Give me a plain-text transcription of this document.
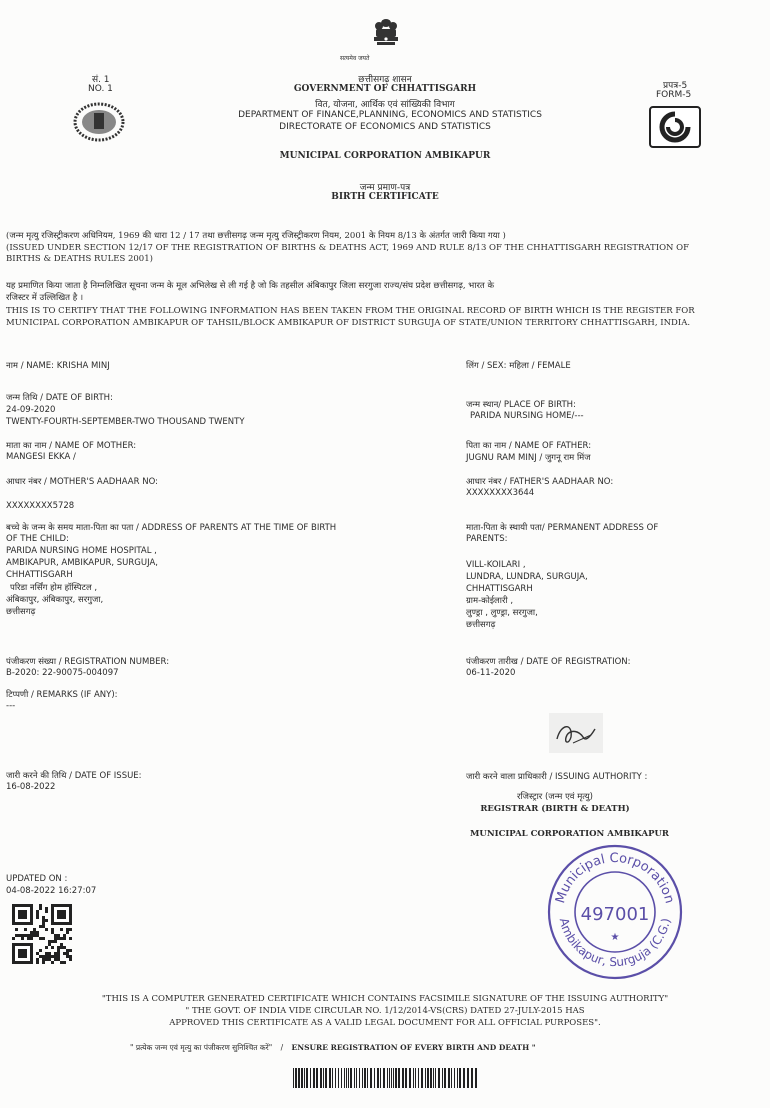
सत्यमेव जयते
सं. 1
NO. 1	प्रपत्र-5
FORM-5
छत्तीसगढ़ शासन
GOVERNMENT OF CHHATTISGARH
वित, योजना, आर्थिक एवं सांख्यिकी विभाग
DEPARTMENT OF FINANCE,PLANNING, ECONOMICS AND STATISTICS
DIRECTORATE OF ECONOMICS AND STATISTICS
MUNICIPAL CORPORATION AMBIKAPUR
जन्म प्रमाण-पत्र
BIRTH CERTIFICATE
(जन्म मृत्यु रजिस्ट्रीकरण अधिनियम, 1969 की धारा 12 / 17 तथा छत्तीसगढ़ जन्म मृत्यु रजिस्ट्रीकरण नियम, 2001 के नियम 8/13 के अंतर्गत जारी किया गया )
(ISSUED UNDER SECTION 12/17 OF THE REGISTRATION OF BIRTHS & DEATHS ACT, 1969 AND RULE 8/13 OF THE CHHATTISGARH REGISTRATION OF
BIRTHS & DEATHS RULES 2001)
यह प्रमाणित किया जाता है निम्नलिखित सूचना जन्म के मूल अभिलेख से ली गई है जो कि तहसील अंबिकापुर जिला सरगुजा राज्य/संघ प्रदेश छत्तीसगढ़, भारत के
रजिस्टर में उल्लिखित है ।
THIS IS TO CERTIFY THAT THE FOLLOWING INFORMATION HAS BEEN TAKEN FROM THE ORIGINAL RECORD OF BIRTH WHICH IS THE REGISTER FOR
MUNICIPAL CORPORATION AMBIKAPUR OF TAHSIL/BLOCK AMBIKAPUR OF DISTRICT SURGUJA OF STATE/UNION TERRITORY CHHATTISGARH, INDIA.
नाम / NAME: KRISHA MINJ	लिंग / SEX: महिला / FEMALE
जन्म तिथि / DATE OF BIRTH:
24-09-2020
TWENTY-FOURTH-SEPTEMBER-TWO THOUSAND TWENTY
जन्म स्थान/ PLACE OF BIRTH:
PARIDA NURSING HOME/---
माता का नाम / NAME OF MOTHER:
MANGESI EKKA /
पिता का नाम / NAME OF FATHER:
JUGNU RAM MINJ / जुगनू राम मिंज
आधार नंबर / MOTHER'S AADHAAR NO:
XXXXXXXX5728
आधार नंबर / FATHER'S AADHAAR NO:
XXXXXXXX3644
बच्चे के जन्म के समय माता-पिता का पता / ADDRESS OF PARENTS AT THE TIME OF BIRTH
OF THE CHILD:
PARIDA NURSING HOME HOSPITAL ,
AMBIKAPUR, AMBIKAPUR, SURGUJA,
CHHATTISGARH
परिडा नर्सिंग होम हॉस्पिटल ,
अंबिकापुर, अंबिकापुर, सरगुजा,
छत्तीसगढ़
माता-पिता के स्थायी पता/ PERMANENT ADDRESS OF
PARENTS:
VILL-KOILARI ,
LUNDRA, LUNDRA, SURGUJA,
CHHATTISGARH
ग्राम-कोईलारी ,
लुण्ड्रा , लुण्ड्रा, सरगुजा,
छत्तीसगढ़
पंजीकरण संख्या / REGISTRATION NUMBER:
B-2020: 22-90075-004097
पंजीकरण तारीख / DATE OF REGISTRATION:
06-11-2020
टिप्पणी / REMARKS (IF ANY):
---
जारी करने की तिथि / DATE OF ISSUE:
16-08-2022
जारी करने वाला प्राधिकारी / ISSUING AUTHORITY :
रजिस्ट्रार (जन्म एवं मृत्यु)
REGISTRAR (BIRTH & DEATH)
MUNICIPAL CORPORATION AMBIKAPUR
Municipal Corporation
Ambikapur, Surguja (C.G.)
497001
★
UPDATED ON :
04-08-2022 16:27:07
"THIS IS A COMPUTER GENERATED CERTIFICATE WHICH CONTAINS FACSIMILE SIGNATURE OF THE ISSUING AUTHORITY"
" THE GOVT. OF INDIA VIDE CIRCULAR NO. 1/12/2014-VS(CRS) DATED 27-JULY-2015 HAS
APPROVED THIS CERTIFICATE AS A VALID LEGAL DOCUMENT FOR ALL OFFICIAL PURPOSES".
" प्रत्येक जन्म एवं मृत्यु का पंजीकरण सुनिश्चित करें" / ENSURE REGISTRATION OF EVERY BIRTH AND DEATH "
